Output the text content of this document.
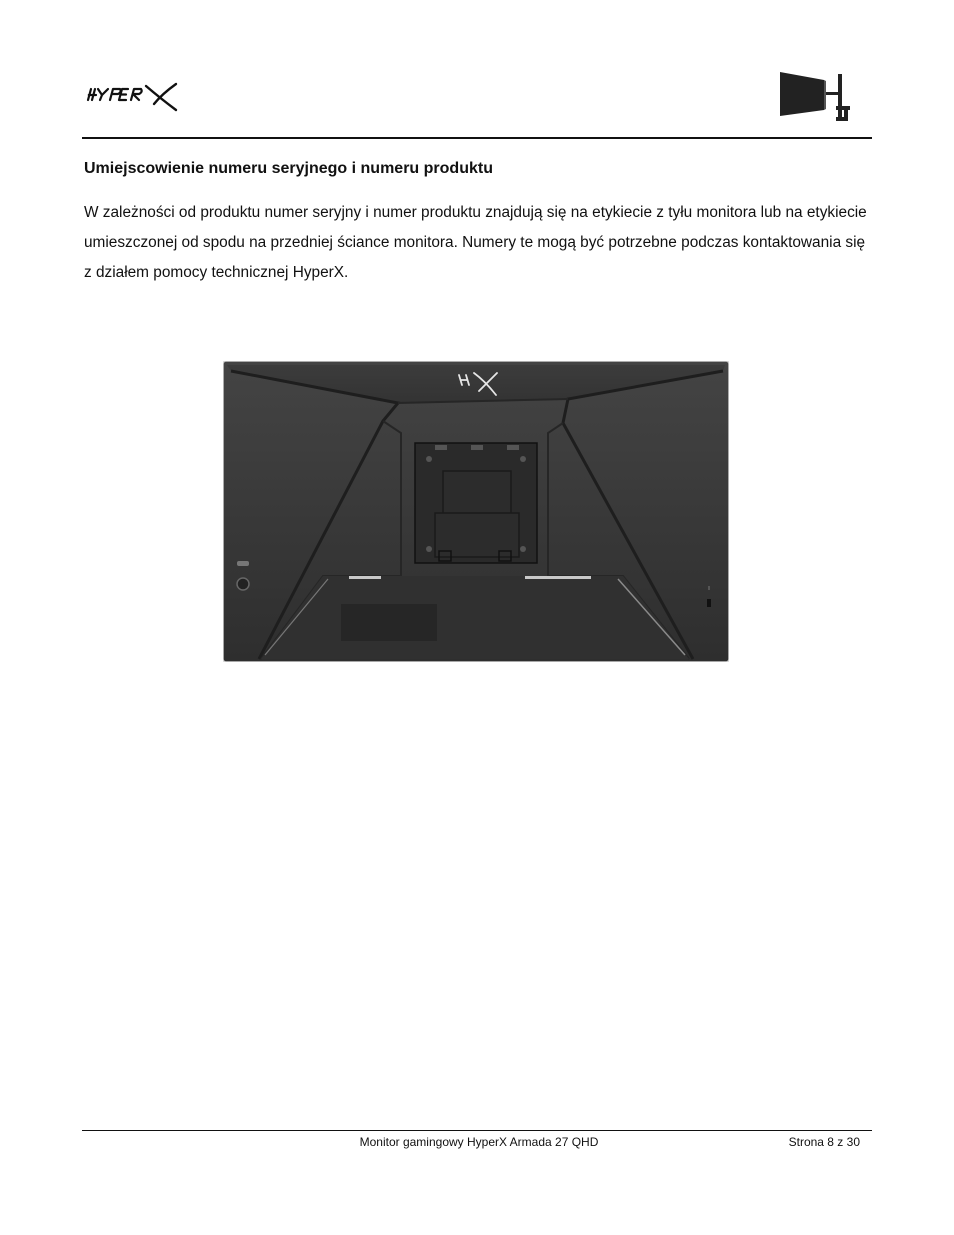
Umiejscowienie numeru seryjnego i numeru produktu

W zależności od produktu numer seryjny i numer produktu znajdują się na etykiecie z tyłu monitora lub na etykiecie umieszczonej od spodu na przedniej ściance monitora. Numery te mogą być potrzebne podczas kontaktowania się z działem pomocy technicznej HyperX.

Monitor gamingowy HyperX Armada 27 QHD	Strona 8 z 30
